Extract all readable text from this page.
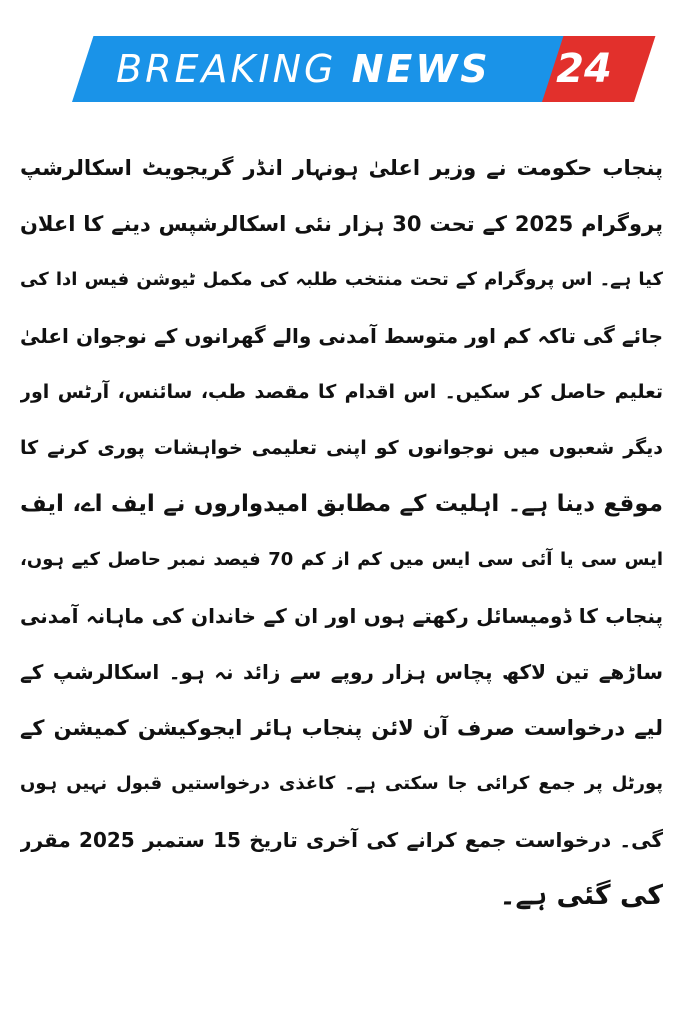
BREAKING NEWS 24
پنجاب حکومت نے وزیر اعلیٰ ہونہار انڈر گریجویٹ اسکالرشپ
پروگرام 2025 کے تحت 30 ہزار نئی اسکالرشپس دینے کا اعلان
کیا ہے۔ اس پروگرام کے تحت منتخب طلبہ کی مکمل ٹیوشن فیس ادا کی
جائے گی تاکہ کم اور متوسط آمدنی والے گھرانوں کے نوجوان اعلیٰ
تعلیم حاصل کر سکیں۔ اس اقدام کا مقصد طب، سائنس، آرٹس اور
دیگر شعبوں میں نوجوانوں کو اپنی تعلیمی خواہشات پوری کرنے کا
موقع دینا ہے۔ اہلیت کے مطابق امیدواروں نے ایف اے، ایف
ایس سی یا آئی سی ایس میں کم از کم 70 فیصد نمبر حاصل کیے ہوں،
پنجاب کا ڈومیسائل رکھتے ہوں اور ان کے خاندان کی ماہانہ آمدنی
ساڑھے تین لاکھ پچاس ہزار روپے سے زائد نہ ہو۔ اسکالرشپ کے
لیے درخواست صرف آن لائن پنجاب ہائر ایجوکیشن کمیشن کے
پورٹل پر جمع کرائی جا سکتی ہے۔ کاغذی درخواستیں قبول نہیں ہوں
گی۔ درخواست جمع کرانے کی آخری تاریخ 15 ستمبر 2025 مقرر
کی گئی ہے۔
